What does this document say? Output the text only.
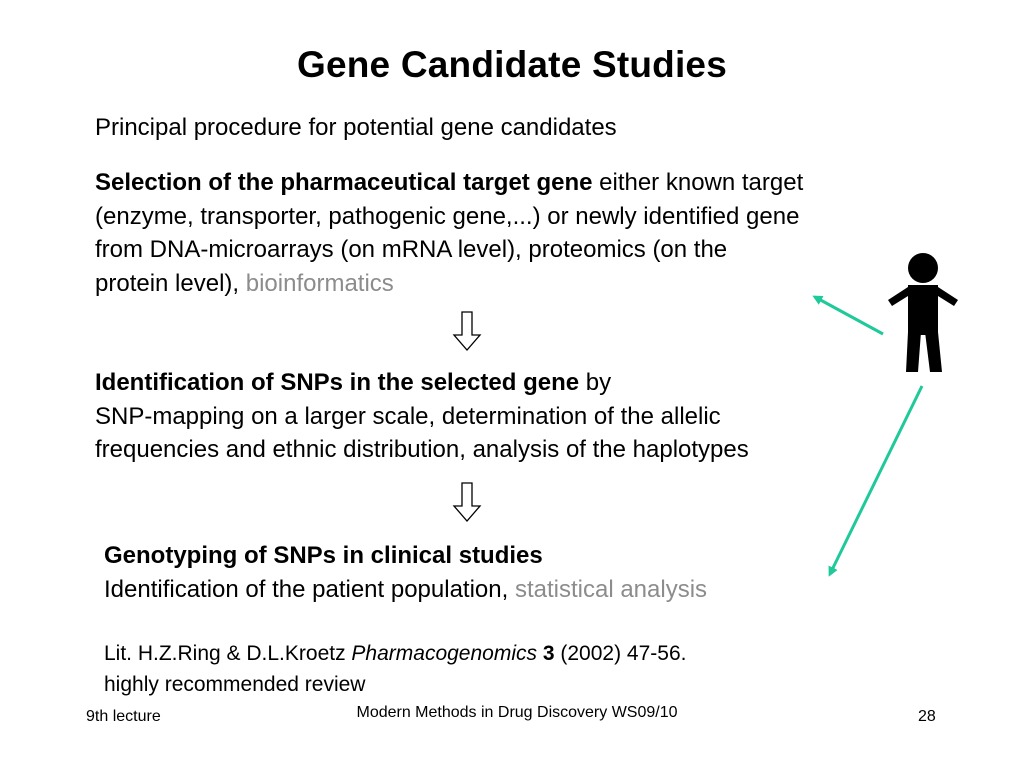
Gene Candidate Studies
Principal procedure for potential gene candidates
Selection of the pharmaceutical target gene either known target
(enzyme, transporter, pathogenic gene,...) or newly identified gene
from DNA-microarrays (on mRNA level), proteomics (on the
protein level), bioinformatics
Identification of SNPs in the selected gene by
SNP-mapping on a larger scale, determination of the allelic
frequencies and ethnic distribution, analysis of the haplotypes
Genotyping of SNPs in clinical studies
Identification of the patient population, statistical analysis
Lit. H.Z.Ring & D.L.Kroetz Pharmacogenomics 3 (2002) 47-56.
highly recommended review
9th lecture	Modern Methods in Drug Discovery WS09/10	28
